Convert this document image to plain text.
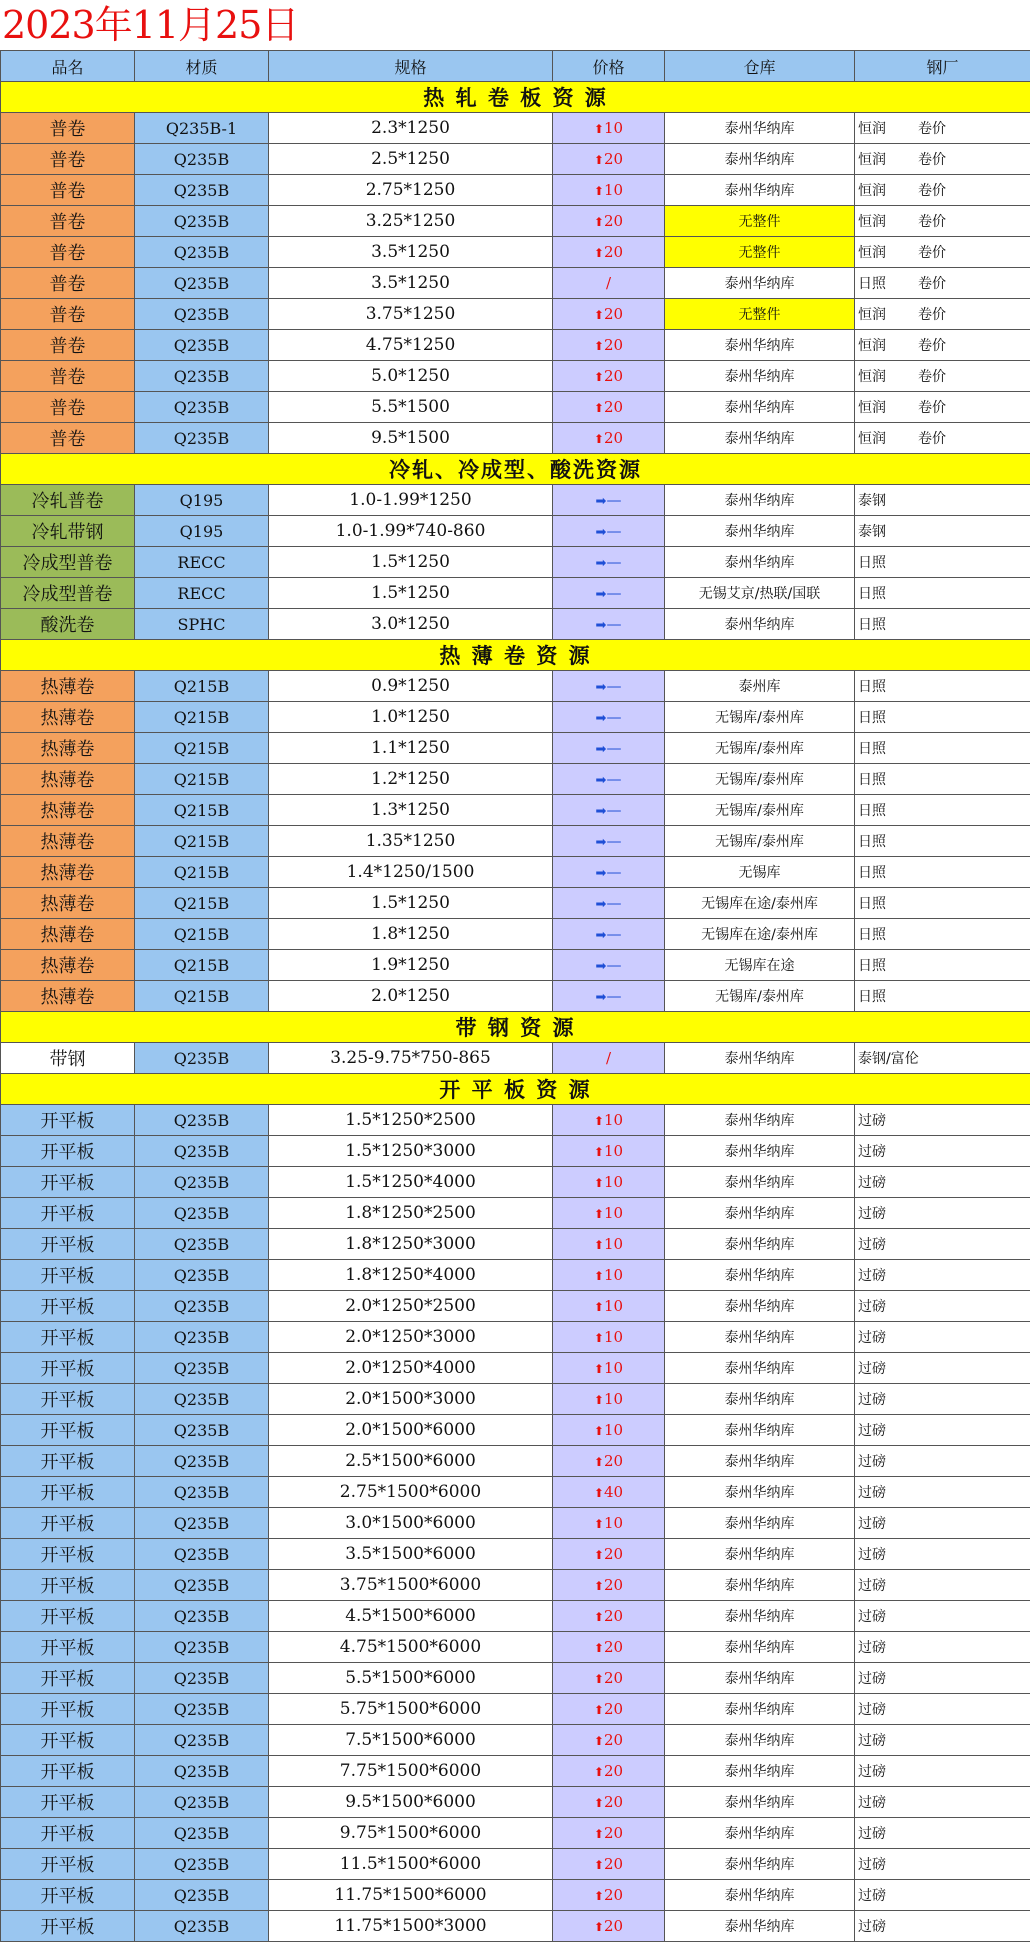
2023年11月25日
品名	材质	规格	价格	仓库	钢厂
热 轧 卷 板 资 源					
普卷	Q235B-1	2.3*1250	⬆10	泰州华纳库	恒润 卷价
普卷	Q235B	2.5*1250	⬆20	泰州华纳库	恒润 卷价
普卷	Q235B	2.75*1250	⬆10	泰州华纳库	恒润 卷价
普卷	Q235B	3.25*1250	⬆20	无整件	恒润 卷价
普卷	Q235B	3.5*1250	⬆20	无整件	恒润 卷价
普卷	Q235B	3.5*1250	/	泰州华纳库	日照 卷价
普卷	Q235B	3.75*1250	⬆20	无整件	恒润 卷价
普卷	Q235B	4.75*1250	⬆20	泰州华纳库	恒润 卷价
普卷	Q235B	5.0*1250	⬆20	泰州华纳库	恒润 卷价
普卷	Q235B	5.5*1500	⬆20	泰州华纳库	恒润 卷价
普卷	Q235B	9.5*1500	⬆20	泰州华纳库	恒润 卷价
冷轧、冷成型、酸洗资源					
冷轧普卷	Q195	1.0-1.99*1250	➡—	泰州华纳库	泰钢
冷轧带钢	Q195	1.0-1.99*740-860	➡—	泰州华纳库	泰钢
冷成型普卷	RECC	1.5*1250	➡—	泰州华纳库	日照
冷成型普卷	RECC	1.5*1250	➡—	无锡艾京/热联/国联	日照
酸洗卷	SPHC	3.0*1250	➡—	泰州华纳库	日照
热 薄 卷 资 源					
热薄卷	Q215B	0.9*1250	➡—	泰州库	日照
热薄卷	Q215B	1.0*1250	➡—	无锡库/泰州库	日照
热薄卷	Q215B	1.1*1250	➡—	无锡库/泰州库	日照
热薄卷	Q215B	1.2*1250	➡—	无锡库/泰州库	日照
热薄卷	Q215B	1.3*1250	➡—	无锡库/泰州库	日照
热薄卷	Q215B	1.35*1250	➡—	无锡库/泰州库	日照
热薄卷	Q215B	1.4*1250/1500	➡—	无锡库	日照
热薄卷	Q215B	1.5*1250	➡—	无锡库在途/泰州库	日照
热薄卷	Q215B	1.8*1250	➡—	无锡库在途/泰州库	日照
热薄卷	Q215B	1.9*1250	➡—	无锡库在途	日照
热薄卷	Q215B	2.0*1250	➡—	无锡库/泰州库	日照
带 钢 资 源					
带钢	Q235B	3.25-9.75*750-865	/	泰州华纳库	泰钢/富伦
开 平 板 资 源					
开平板	Q235B	1.5*1250*2500	⬆10	泰州华纳库	过磅
开平板	Q235B	1.5*1250*3000	⬆10	泰州华纳库	过磅
开平板	Q235B	1.5*1250*4000	⬆10	泰州华纳库	过磅
开平板	Q235B	1.8*1250*2500	⬆10	泰州华纳库	过磅
开平板	Q235B	1.8*1250*3000	⬆10	泰州华纳库	过磅
开平板	Q235B	1.8*1250*4000	⬆10	泰州华纳库	过磅
开平板	Q235B	2.0*1250*2500	⬆10	泰州华纳库	过磅
开平板	Q235B	2.0*1250*3000	⬆10	泰州华纳库	过磅
开平板	Q235B	2.0*1250*4000	⬆10	泰州华纳库	过磅
开平板	Q235B	2.0*1500*3000	⬆10	泰州华纳库	过磅
开平板	Q235B	2.0*1500*6000	⬆10	泰州华纳库	过磅
开平板	Q235B	2.5*1500*6000	⬆20	泰州华纳库	过磅
开平板	Q235B	2.75*1500*6000	⬆40	泰州华纳库	过磅
开平板	Q235B	3.0*1500*6000	⬆10	泰州华纳库	过磅
开平板	Q235B	3.5*1500*6000	⬆20	泰州华纳库	过磅
开平板	Q235B	3.75*1500*6000	⬆20	泰州华纳库	过磅
开平板	Q235B	4.5*1500*6000	⬆20	泰州华纳库	过磅
开平板	Q235B	4.75*1500*6000	⬆20	泰州华纳库	过磅
开平板	Q235B	5.5*1500*6000	⬆20	泰州华纳库	过磅
开平板	Q235B	5.75*1500*6000	⬆20	泰州华纳库	过磅
开平板	Q235B	7.5*1500*6000	⬆20	泰州华纳库	过磅
开平板	Q235B	7.75*1500*6000	⬆20	泰州华纳库	过磅
开平板	Q235B	9.5*1500*6000	⬆20	泰州华纳库	过磅
开平板	Q235B	9.75*1500*6000	⬆20	泰州华纳库	过磅
开平板	Q235B	11.5*1500*6000	⬆20	泰州华纳库	过磅
开平板	Q235B	11.75*1500*6000	⬆20	泰州华纳库	过磅
开平板	Q235B	11.75*1500*3000	⬆20	泰州华纳库	过磅
